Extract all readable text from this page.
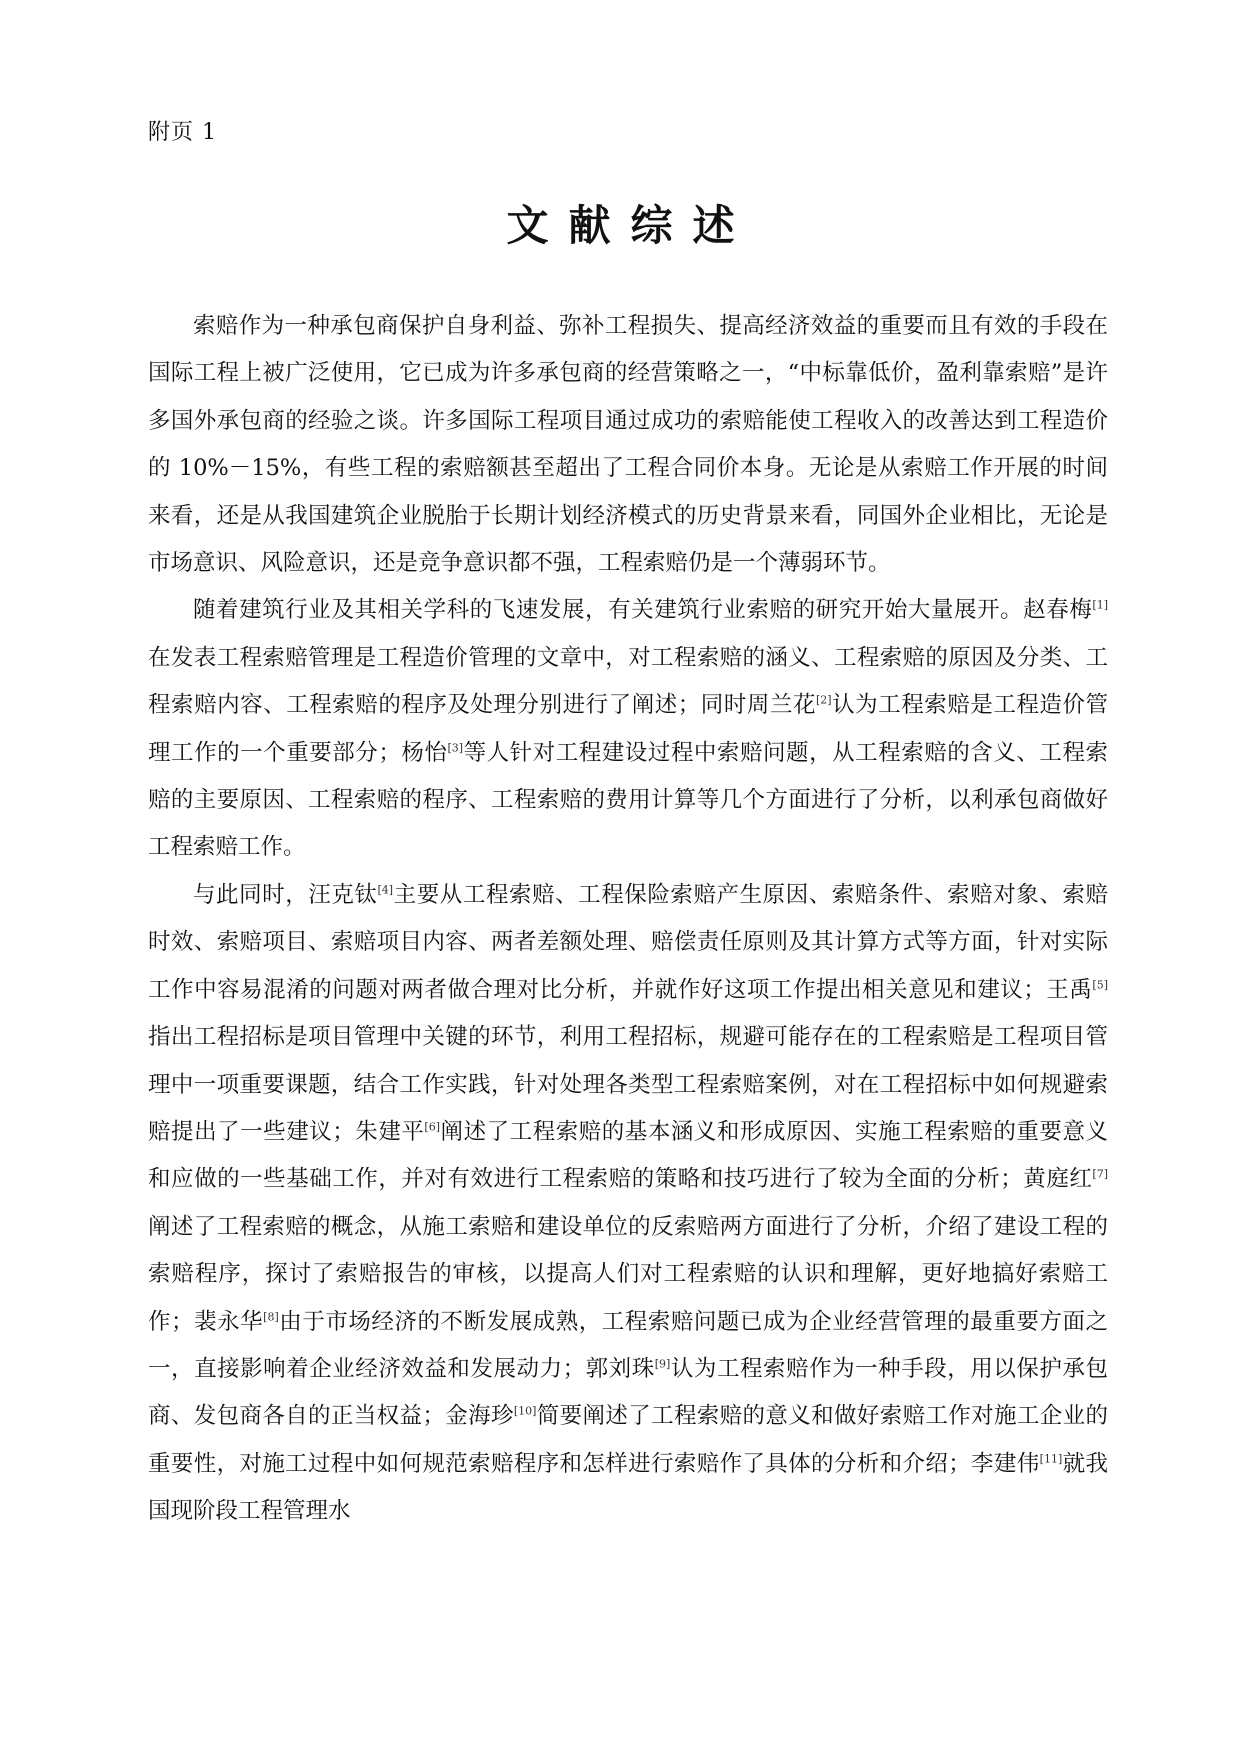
附页 1
文献综述

索赔作为一种承包商保护自身利益、弥补工程损失、提高经济效益的重要而且有效的手段在国际工程上被广泛使用，它已成为许多承包商的经营策略之一，“中标靠低价，盈利靠索赔”是许多国外承包商的经验之谈。许多国际工程项目通过成功的索赔能使工程收入的改善达到工程造价的 10%－15%，有些工程的索赔额甚至超出了工程合同价本身。无论是从索赔工作开展的时间来看，还是从我国建筑企业脱胎于长期计划经济模式的历史背景来看，同国外企业相比，无论是市场意识、风险意识，还是竞争意识都不强，工程索赔仍是一个薄弱环节。

随着建筑行业及其相关学科的飞速发展，有关建筑行业索赔的研究开始大量展开。赵春梅[1]在发表工程索赔管理是工程造价管理的文章中，对工程索赔的涵义、工程索赔的原因及分类、工程索赔内容、工程索赔的程序及处理分别进行了阐述；同时周兰花[2]认为工程索赔是工程造价管理工作的一个重要部分；杨怡[3]等人针对工程建设过程中索赔问题，从工程索赔的含义、工程索赔的主要原因、工程索赔的程序、工程索赔的费用计算等几个方面进行了分析，以利承包商做好工程索赔工作。

与此同时，汪克钛[4]主要从工程索赔、工程保险索赔产生原因、索赔条件、索赔对象、索赔时效、索赔项目、索赔项目内容、两者差额处理、赔偿责任原则及其计算方式等方面，针对实际工作中容易混淆的问题对两者做合理对比分析，并就作好这项工作提出相关意见和建议；王禹[5]指出工程招标是项目管理中关键的环节，利用工程招标，规避可能存在的工程索赔是工程项目管理中一项重要课题，结合工作实践，针对处理各类型工程索赔案例，对在工程招标中如何规避索赔提出了一些建议；朱建平[6]阐述了工程索赔的基本涵义和形成原因、实施工程索赔的重要意义和应做的一些基础工作，并对有效进行工程索赔的策略和技巧进行了较为全面的分析；黄庭红[7]阐述了工程索赔的概念，从施工索赔和建设单位的反索赔两方面进行了分析，介绍了建设工程的索赔程序，探讨了索赔报告的审核，以提高人们对工程索赔的认识和理解，更好地搞好索赔工作；裴永华[8]由于市场经济的不断发展成熟，工程索赔问题已成为企业经营管理的最重要方面之一，直接影响着企业经济效益和发展动力；郭刘珠[9]认为工程索赔作为一种手段，用以保护承包商、发包商各自的正当权益；金海珍[10]简要阐述了工程索赔的意义和做好索赔工作对施工企业的重要性，对施工过程中如何规范索赔程序和怎样进行索赔作了具体的分析和介绍；李建伟[11]就我国现阶段工程管理水
